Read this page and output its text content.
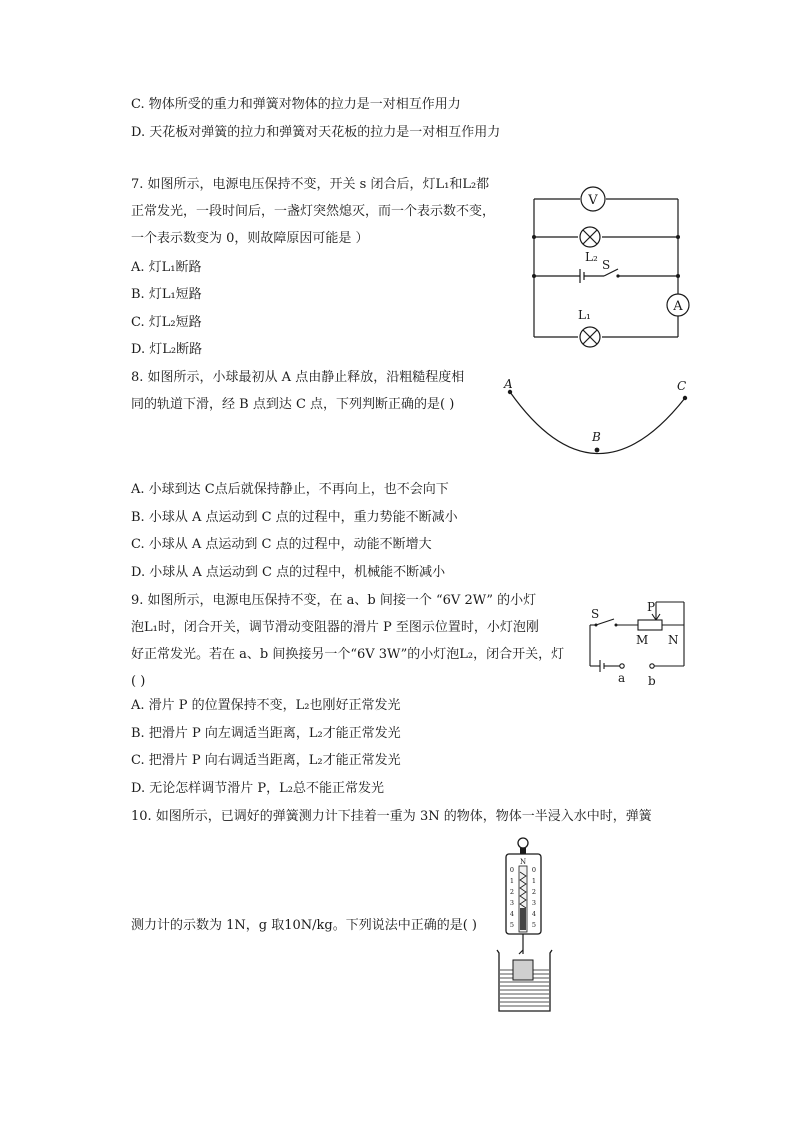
C. 物体所受的重力和弹簧对物体的拉力是一对相互作用力
D. 天花板对弹簧的拉力和弹簧对天花板的拉力是一对相互作用力
7. 如图所示，电源电压保持不变，开关 s 闭合后，灯L₁和L₂都
正常发光，一段时间后，一盏灯突然熄灭，而一个表示数不变，
一个表示数变为 0，则故障原因可能是 ）
A. 灯L₁断路
B. 灯L₁短路
C. 灯L₂短路
D. 灯L₂断路
V
L₂
S
A
L₁
8. 如图所示，小球最初从 A 点由静止释放，沿粗糙程度相
同的轨道下滑，经 B 点到达 C 点，下列判断正确的是( )
A. 小球到达 C点后就保持静止，不再向上，也不会向下
B. 小球从 A 点运动到 C 点的过程中，重力势能不断减小
C. 小球从 A 点运动到 C 点的过程中，动能不断增大
D. 小球从 A 点运动到 C 点的过程中，机械能不断减小
A
B
C
9. 如图所示，电源电压保持不变，在 a、b 间接一个 “6V 2W” 的小灯
泡L₁时，闭合开关，调节滑动变阻器的滑片 P 至图示位置时，小灯泡刚
好正常发光。若在 a、b 间换接另一个“6V 3W”的小灯泡L₂，闭合开关，灯
( )
A. 滑片 P 的位置保持不变，L₂也刚好正常发光
B. 把滑片 P 向左调适当距离，L₂才能正常发光
C. 把滑片 P 向右调适当距离，L₂才能正常发光
D. 无论怎样调节滑片 P，L₂总不能正常发光
S	P
M N
a b
10. 如图所示，已调好的弹簧测力计下挂着一重为 3N 的物体，物体一半浸入水中时，弹簧
测力计的示数为 1N，g 取10N/kg。下列说法中正确的是( )
N
0
1
2
3
4
5
0
1
2
3
4
5
